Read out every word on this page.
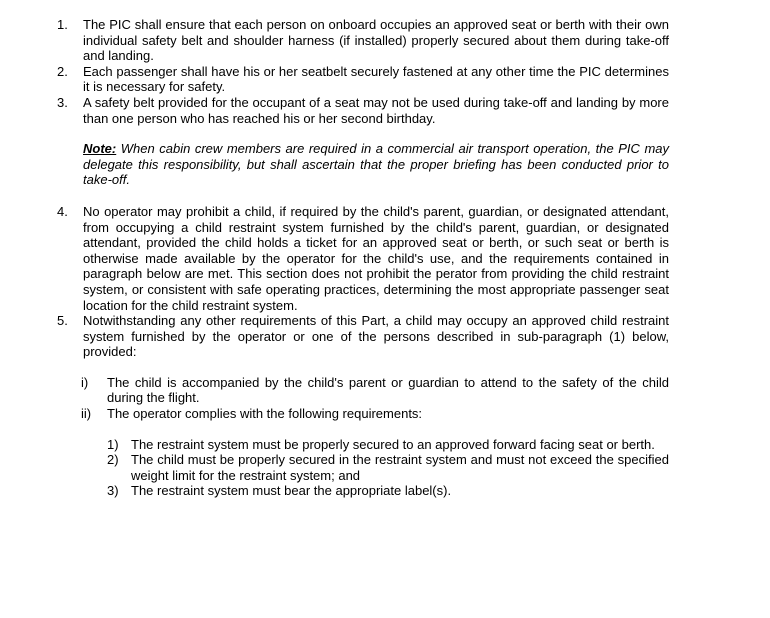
1. The PIC shall ensure that each person on onboard occupies an approved seat or berth with their own individual safety belt and shoulder harness (if installed) properly secured about them during take-off and landing.
2. Each passenger shall have his or her seatbelt securely fastened at any other time the PIC determines it is necessary for safety.
3. A safety belt provided for the occupant of a seat may not be used during take-off and landing by more than one person who has reached his or her second birthday.
Note: When cabin crew members are required in a commercial air transport operation, the PIC may delegate this responsibility, but shall ascertain that the proper briefing has been conducted prior to take-off.
4. No operator may prohibit a child, if required by the child's parent, guardian, or designated attendant, from occupying a child restraint system furnished by the child's parent, guardian, or designated attendant, provided the child holds a ticket for an approved seat or berth, or such seat or berth is otherwise made available by the operator for the child's use, and the requirements contained in paragraph below are met. This section does not prohibit the perator from providing the child restraint system, or consistent with safe operating practices, determining the most appropriate passenger seat location for the child restraint system.
5. Notwithstanding any other requirements of this Part, a child may occupy an approved child restraint system furnished by the operator or one of the persons described in sub-paragraph (1) below, provided:
i) The child is accompanied by the child's parent or guardian to attend to the safety of the child during the flight.
ii) The operator complies with the following requirements:
1) The restraint system must be properly secured to an approved forward facing seat or berth.
2) The child must be properly secured in the restraint system and must not exceed the specified weight limit for the restraint system; and
3) The restraint system must bear the appropriate label(s).
